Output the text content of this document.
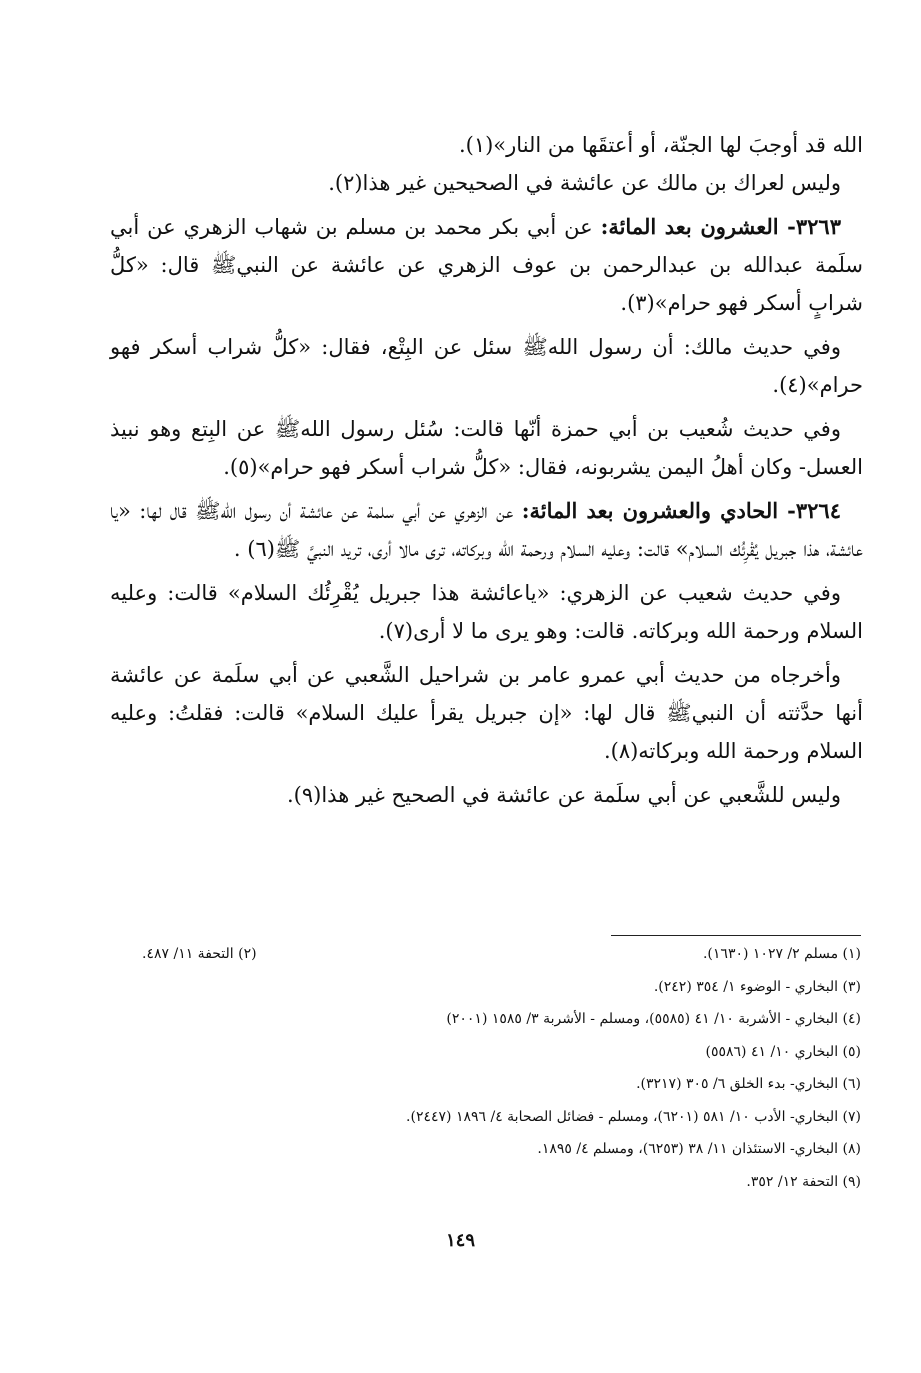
الله قد أوجبَ لها الجنّة، أو أعتقَها من النار»(١).

وليس لعراك بن مالك عن عائشة في الصحيحين غير هذا(٢).

٣٢٦٣- العشرون بعد المائة: عن أبي بكر محمد بن مسلم بن شهاب الزهري عن أبي سلَمة عبدالله بن عبدالرحمن بن عوف الزهري عن عائشة عن النبيﷺ قال: «كلُّ شرابٍ أسكر فهو حرام»(٣).

وفي حديث مالك: أن رسول اللهﷺ سئل عن البِتْع، فقال: «كلُّ شراب أسكر فهو حرام»(٤).

وفي حديث شُعيب بن أبي حمزة أنّها قالت: سُئل رسول اللهﷺ عن البِتع وهو نبيذ العسل- وكان أهلُ اليمن يشربونه، فقال: «كلُّ شراب أسكر فهو حرام»(٥).

٣٢٦٤- الحادي والعشرون بعد المائة: عن الزهري عن أبي سلمة عن عائشة أن رسول اللهﷺ قال لها: «يا عائشة، هذا جبريل يُقْرِئُك السلام» قالت: وعليه السلام ورحمة الله وبركاته، ترى مالا أرى، تريد النبيَّ ﷺ(٦) .

وفي حديث شعيب عن الزهري: «ياعائشة هذا جبريل يُقْرِئُك السلام» قالت: وعليه السلام ورحمة الله وبركاته. قالت: وهو يرى ما لا أرى(٧).

وأخرجاه من حديث أبي عمرو عامر بن شراحيل الشَّعبي عن أبي سلَمة عن عائشة أنها حدَّثته أن النبيﷺ قال لها: «إن جبريل يقرأ عليك السلام» قالت: فقلتُ: وعليه السلام ورحمة الله وبركاته(٨).

وليس للشَّعبي عن أبي سلَمة عن عائشة في الصحيح غير هذا(٩).

(١) مسلم ٢/ ١٠٢٧ (١٦٣٠).
(٢) التحفة ١١/ ٤٨٧.
(٣) البخاري - الوضوء ١/ ٣٥٤ (٢٤٢).
(٤) البخاري - الأشربة ١٠/ ٤١ (٥٥٨٥)، ومسلم - الأشربة ٣/ ١٥٨٥ (٢٠٠١)
(٥) البخاري ١٠/ ٤١ (٥٥٨٦)
(٦) البخاري- بدء الخلق ٦/ ٣٠٥ (٣٢١٧).
(٧) البخاري- الأدب ١٠/ ٥٨١ (٦٢٠١)، ومسلم - فضائل الصحابة ٤/ ١٨٩٦ (٢٤٤٧).
(٨) البخاري- الاستئذان ١١/ ٣٨ (٦٢٥٣)، ومسلم ٤/ ١٨٩٥.
(٩) التحفة ١٢/ ٣٥٢.
١٤٩
